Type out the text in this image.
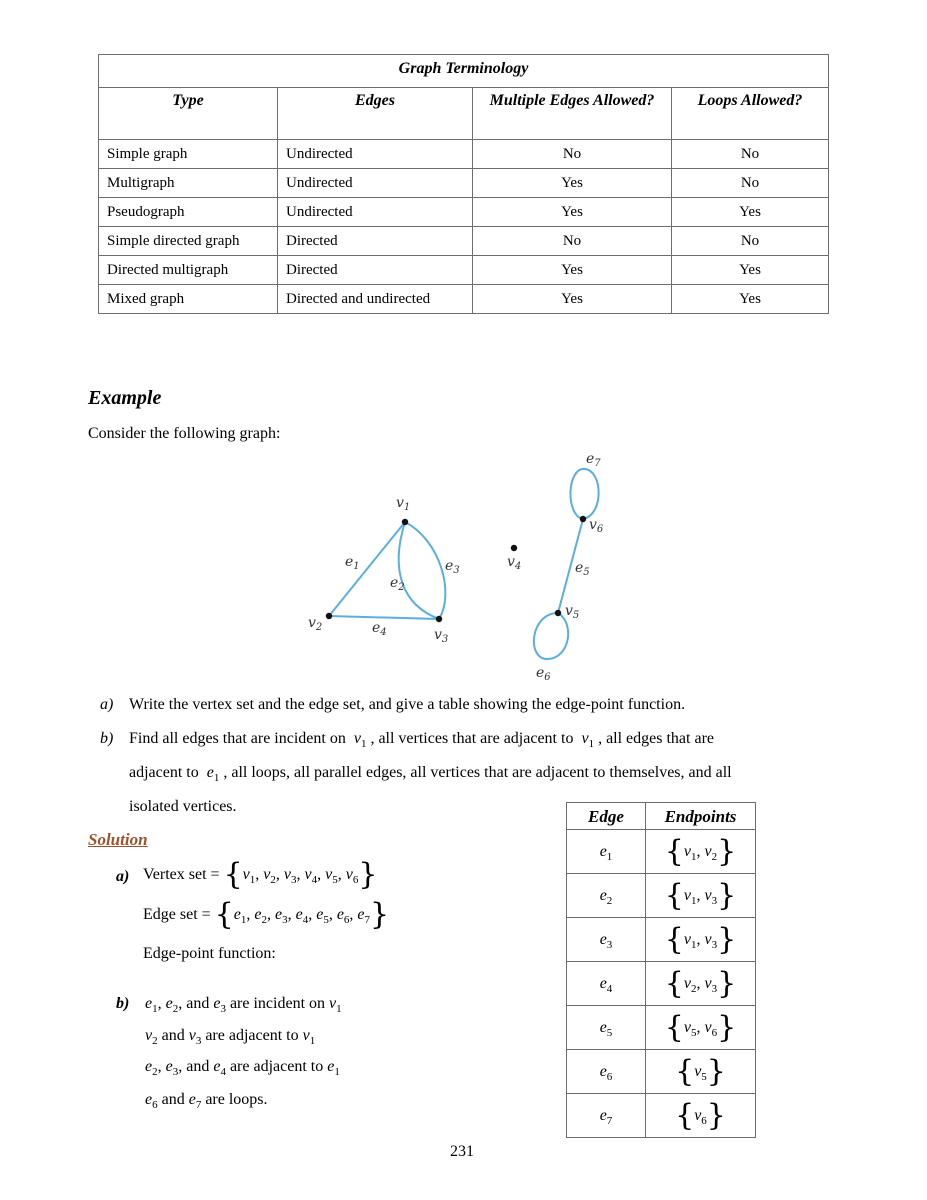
Graph Terminology			
Type	Edges	Multiple Edges Allowed?	Loops Allowed?
Simple graph	Undirected	No	No
Multigraph	Undirected	Yes	No
Pseudograph	Undirected	Yes	Yes
Simple directed graph	Directed	No	No
Directed multigraph	Directed	Yes	Yes
Mixed graph	Directed and undirected	Yes	Yes
Example
Consider the following graph:
$v_1$
$v_2$	$v_3$
$v_4$
$v_5$
$v_6$
$e_1$
$e_2$
$e_3$
$e_4$
$e_5$
$e_6$
$e_7$
a) Write the vertex set and the edge set, and give a table showing the edge-point function.
b) Find all edges that are incident on $v_1$ , all vertices that are adjacent to $v_1$ , all edges that are
adjacent to $e_1$ , all loops, all parallel edges, all vertices that are adjacent to themselves, and all
isolated vertices.
Solution
a) Vertex set = {$v_1$, $v_2$, $v_3$, $v_4$, $v_5$, $v_6$}
Edge set = {$e_1$, $e_2$, $e_3$, $e_4$, $e_5$, $e_6$, $e_7$}
Edge-point function:
b) $e_1$, $e_2$, and $e_3$ are incident on $v_1$
$v_2$ and $v_3$ are adjacent to $v_1$
$e_2$, $e_3$, and $e_4$ are adjacent to $e_1$
$e_6$ and $e_7$ are loops.
Edge	Endpoints
$e_1$	{$v_1$, $v_2$}
$e_2$	{$v_1$, $v_3$}
$e_3$	{$v_1$, $v_3$}
$e_4$	{$v_2$, $v_3$}
$e_5$	{$v_5$, $v_6$}
$e_6$	$\{v_5\}$
$e_7$	$\{v_6\}$
231
